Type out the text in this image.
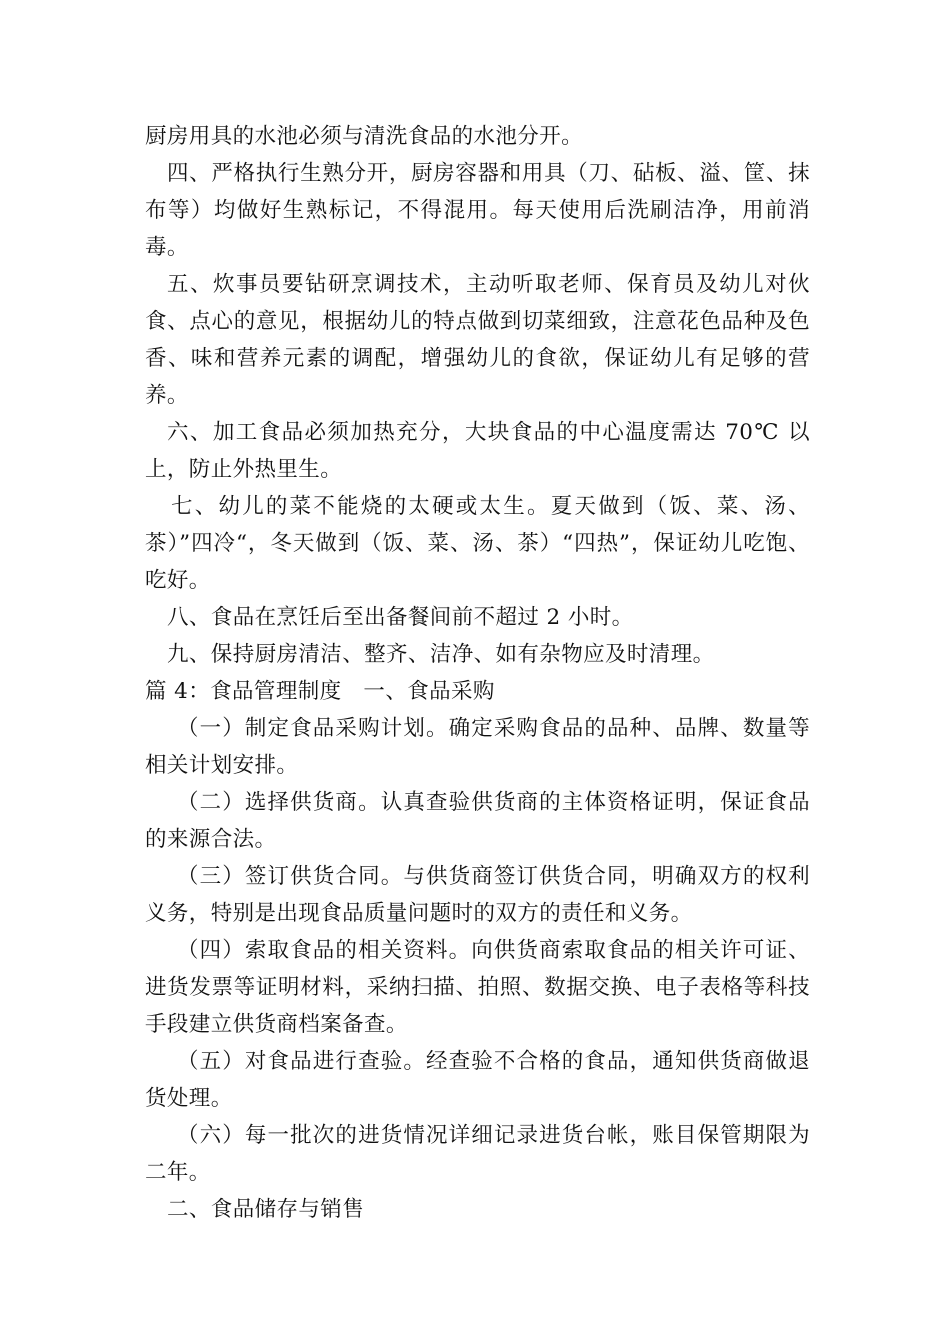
厨房用具的水池必须与清洗食品的水池分开。

四、严格执行生熟分开，厨房容器和用具（刀、砧板、溢、筐、抹布等）均做好生熟标记，不得混用。每天使用后洗刷洁净，用前消毒。

五、炊事员要钻研烹调技术，主动听取老师、保育员及幼儿对伙食、点心的意见，根据幼儿的特点做到切菜细致，注意花色品种及色香、味和营养元素的调配，增强幼儿的食欲，保证幼儿有足够的营养。

六、加工食品必须加热充分，大块食品的中心温度需达 70℃ 以上，防止外热里生。

七、幼儿的菜不能烧的太硬或太生。夏天做到（饭、菜、汤、茶）”四冷“，冬天做到（饭、菜、汤、茶）“四热”，保证幼儿吃饱、吃好。

八、食品在烹饪后至出备餐间前不超过 2 小时。

九、保持厨房清洁、整齐、洁净、如有杂物应及时清理。

篇 4：食品管理制度　一、食品采购

（一）制定食品采购计划。确定采购食品的品种、品牌、数量等相关计划安排。

（二）选择供货商。认真查验供货商的主体资格证明，保证食品的来源合法。

（三）签订供货合同。与供货商签订供货合同，明确双方的权利义务，特别是出现食品质量问题时的双方的责任和义务。

（四）索取食品的相关资料。向供货商索取食品的相关许可证、进货发票等证明材料，采纳扫描、拍照、数据交换、电子表格等科技手段建立供货商档案备查。

（五）对食品进行查验。经查验不合格的食品，通知供货商做退货处理。

（六）每一批次的进货情况详细记录进货台帐，账目保管期限为二年。

二、食品储存与销售
